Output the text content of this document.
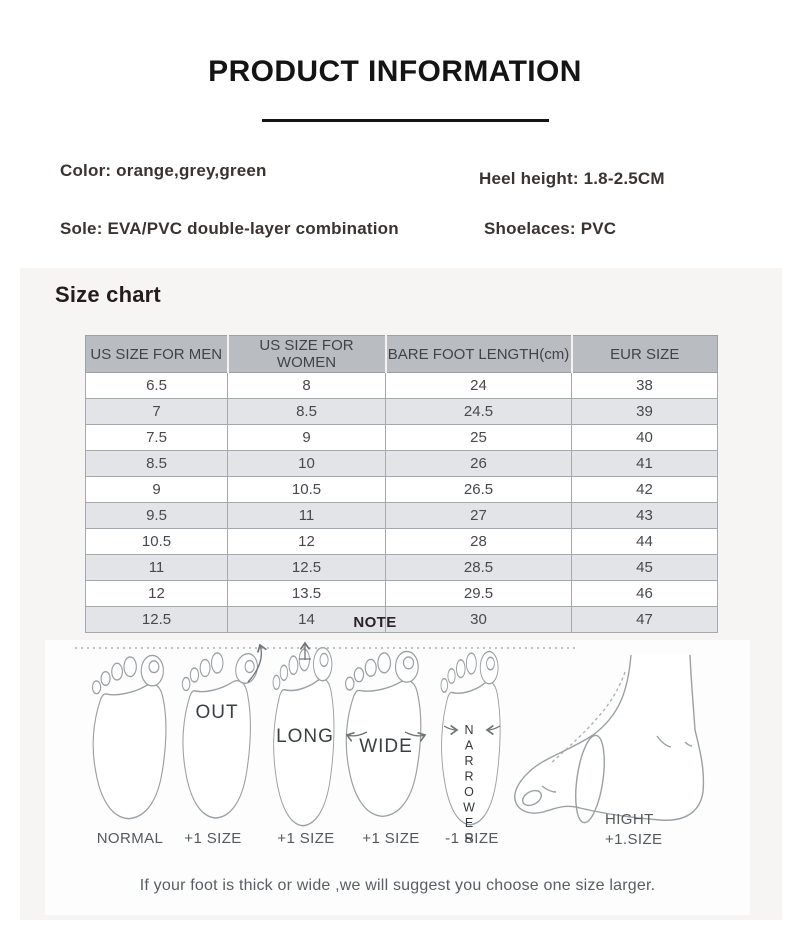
PRODUCT INFORMATION
Color: orange,grey,green	Heel height: 1.8-2.5CM
Sole: EVA/PVC double-layer combination	Shoelaces: PVC
Size chart
US SIZE FOR MEN	US SIZE FOR WOMEN	BARE FOOT LENGTH(cm)	EUR SIZE
6.5	8	24	38
7	8.5	24.5	39
7.5	9	25	40
8.5	10	26	41
9	10.5	26.5	42
9.5	11	27	43
10.5	12	28	44
11	12.5	28.5	45
12	13.5	29.5	46
12.5	14	30	47
NOTE
OUT
LONG WIDE	NARROWER
NORMAL	+1 SIZE	+1 SIZE	+1 SIZE	-1 SIZE
HIGHT
+1.SIZE
If your foot is thick or wide ,we will suggest you choose one size larger.
